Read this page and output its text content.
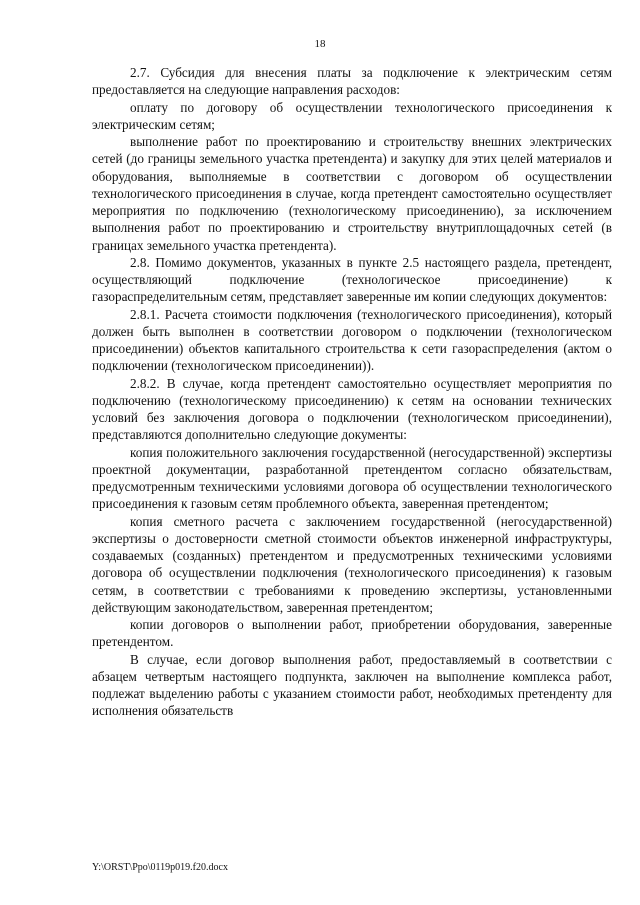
18

2.7. Субсидия для внесения платы за подключение к электрическим сетям предоставляется на следующие направления расходов:

оплату по договору об осуществлении технологического присоединения к электрическим сетям;

выполнение работ по проектированию и строительству внешних электрических сетей (до границы земельного участка претендента) и закупку для этих целей материалов и оборудования, выполняемые в соответствии с договором об осуществлении технологического присоединения в случае, когда претендент самостоятельно осуществляет мероприятия по подключению (технологическому присоединению), за исключением выполнения работ по проектированию и строительству внутриплощадочных сетей (в границах земельного участка претендента).

2.8. Помимо документов, указанных в пункте 2.5 настоящего раздела, претендент, осуществляющий подключение (технологическое присоединение) к газораспределительным сетям, представляет заверенные им копии следующих документов:

2.8.1. Расчета стоимости подключения (технологического присоединения), который должен быть выполнен в соответствии договором о подключении (технологическом присоединении) объектов капитального строительства к сети газораспределения (актом о подключении (технологическом присоединении)).

2.8.2. В случае, когда претендент самостоятельно осуществляет мероприятия по подключению (технологическому присоединению) к сетям на основании технических условий без заключения договора о подключении (технологическом присоединении), представляются дополнительно следующие документы:

копия положительного заключения государственной (негосударственной) экспертизы проектной документации, разработанной претендентом согласно обязательствам, предусмотренным техническими условиями договора об осуществлении технологического присоединения к газовым сетям проблемного объекта, заверенная претендентом;

копия сметного расчета с заключением государственной (негосударственной) экспертизы о достоверности сметной стоимости объектов инженерной инфраструктуры, создаваемых (созданных) претендентом и предусмотренных техническими условиями договора об осуществлении подключения (технологического присоединения) к газовым сетям, в соответствии с требованиями к проведению экспертизы, установленными действующим законодательством, заверенная претендентом;

копии договоров о выполнении работ, приобретении оборудования, заверенные претендентом.

В случае, если договор выполнения работ, предоставляемый в соответствии с абзацем четвертым настоящего подпункта, заключен на выполнение комплекса работ, подлежат выделению работы с указанием стоимости работ, необходимых претенденту для исполнения обязательств

Y:\ORST\Ppo\0119p019.f20.docx
